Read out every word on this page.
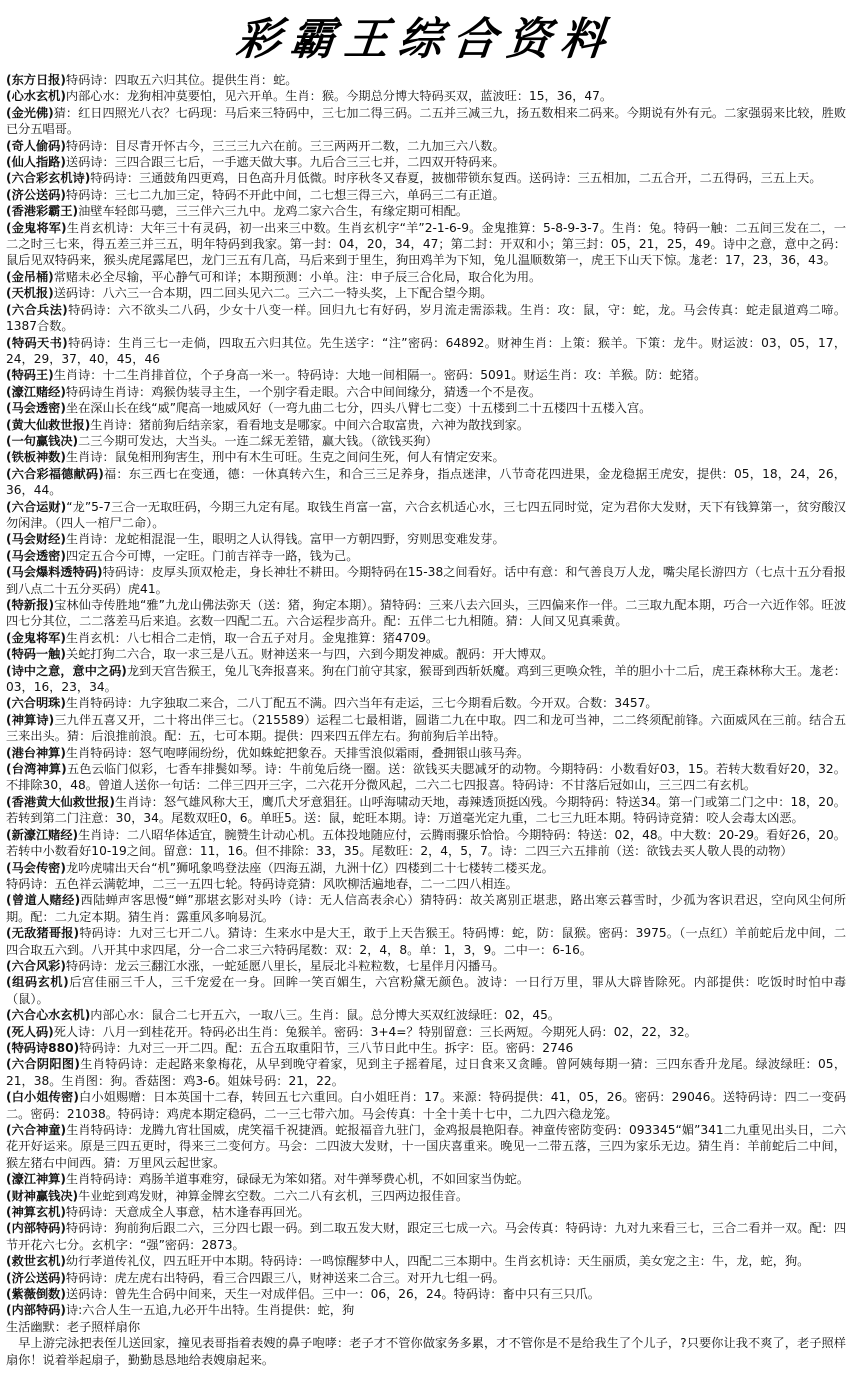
彩霸王综合资料
(东方日报)特码诗：四取五六归其位。提供生肖：蛇。
(心水玄机)内部心水：龙狗相冲莫要怕，见六开单。生肖：猴。今期总分博大特码买双，蓝波旺：15，36，47。
(金光佛)猜：红日四照光八衣？七码现：马后来三特码中，三七加二得三码。二五并三减三九，扬五数相来二码来。今期说有外有元。二家强弱来比较，胜败已分五唱哥。
(奇人偷码)特码诗：目尽青开怀古今，三三三九六在前。三三两两开二数，二九加三六八数。
(仙人指路)送码诗：三四合跟三七后，一手遮天做大事。九后合三三七并，二四双开特码来。
(六合彩玄机诗)特码诗：三通鼓角四更鸡，日色高升月低微。时序秋冬又春夏，披枷带锁东复西。送码诗：三五相加，二五合开，二五得码，三五上天。
(济公送码)特码诗：三七二九加三定，特码不开此中间，二七想三得三六，单码三二有正道。
(香港彩霸王)油壁车轻郎马骢，三三伴六三九中。龙鸡二家六合生，有缘定期可相配。
(金鬼将军)生肖玄机诗：大年三十有灵码，初一出来三中数。生肖玄机字“羊”2-1-6-9。金鬼推算：5-8-9-3-7。生肖：兔。特码一触：二五间三发在二，一二之时三七来，得五差三并三五，明年特码到我家。第一封：04，20，34，47；第二封：开双和小；第三封：05，21，25，49。诗中之意，意中之码：鼠后见双特码来，猴头虎尾露尾巴，龙门三五有几高，马后来到于里生，狗田鸡羊为下知，兔儿温顺数第一，虎王下山天下惊。尨老：17，23，36，43。
(金吊桶)常赌未必全尽输，平心静气可和详；本期预测：小单。注：申子辰三合化局，取合化为用。
(天机报)送码诗：八六三一合本期，四二回头见六二。三六二一特头奖，上下配合望今期。
(六合兵法)特码诗：六不欲头二八码，少女十八变一样。回归九七有好码，岁月流走需添栽。生肖：攻：鼠，守：蛇，龙。马会传真：蛇走鼠道鸡二啼。1387合数。
(特码天书)特码诗：生肖三七一走倘，四取五六归其位。先生送字：“注”密码：64892。财神生肖：上策：猴羊。下策：龙牛。财运波：03，05，17，24，29，37，40，45，46
(特码王)生肖诗：十二生肖排首位，个子身高一米一。特码诗：大地一间相隔一。密码：5091。财运生肖：攻：羊猴。防：蛇猪。
(濠江赌经)特码诗生肖诗：鸡猴伪装寻主生，一个别字看走眼。六合中间间缘分，猜透一个不是夜。
(马会透密)坐在深山长在线“威”爬高一地威风好（一弯九曲二七分，四头八臂七二变）十五楼到二十五楼四十五楼入宫。
(黄大仙救世报)生肖诗：猪前狗后结亲家，看看地支是哪家。中间六合取富贵，六神为散找到家。
(一句赢钱决)二三今期可发达，大当头。一连二綵无差错，赢大钱。（欲钱买狗）
(铁板神数)生肖诗：鼠兔相刑狗害生，刑中有木生可旺。生克之间问生死，何人有情定安来。
(六合彩福德献码)福：东三西七在变通，德：一休真转六生，和合三三足养身，指点迷津，八节奇花四进果，金龙稳据王虎安，提供：05，18，24，26，36，44。
(六合运财)“龙”5-7三合一无取旺码，今期三九定有尾。取钱生肖富一富，六合玄机适心水，三七四五同时觉，定为君你大发财，天下有钱算第一，贫穷酸汉勿闲津。（四人一棺尸二命）。
(马会财经)生肖诗：龙蛇相混混一生，眼明之人认得钱。富甲一方朝四野，穷则思变难发芽。
(马会透密)四定五合今可博，一定旺。门前吉祥寺一路，钱为己。
(马会爆料透特码)特码诗：皮厚头顶双枪走，身长神壮不耕田。今期特码在15-38之间看好。话中有意：和气善良万人龙，嘴尖尾长游四方（七点十五分看报到八点二十五分买码）虎41。
(特新报)宝林仙寺传胜地“雅”九龙山佛法弥天（送：猪，狗定本期）。猜特码：三来八去六回头，三四偏来作一伴。二三取九配本期，巧合一六近作邻。旺波四七分其位，二二落差马后来追。玄数一四配二五。六合运程步高升。配：五伴二七九相随。猜：人间又见真乘黄。
(金鬼将军)生肖玄机：八七相合二走悄，取一合五子对月。金鬼推算：猪4709。
(特码一触)关蛇打狗二六合，取一求三是八五。财神送来一与四，六到今期发神威。靓码：开大博双。
(诗中之意，意中之码)龙到天宫告猴王，兔儿飞奔报喜来。狗在门前守其家，猴哥到西斩妖魔。鸡到三更唤众牲，羊的胆小十二后，虎王森林称大王。尨老：03，16，23，34。
(六合明珠)生肖特码诗：九字独取二来合，二八丁配五不满。四六当年有走运，三七今期看后数。今开双。合数：3457。
(神算诗)三九伴五喜又开，二十将出伴三七。（215589）运程二七最相谐，圆谐二九在中取。四二和龙可当神，二二终须配前锋。六面威风在三前。结合五三来出头。猜：后浪推前浪。配：五，七可本期。提供：四来四五伴左右。狗前狗后羊出特。
(港台神算)生肖特码诗：怒气咆哮闹纷纷，优如蛛蛇把象吞。天排雪浪似霜雨，叠拥银山骇马奔。
(台湾神算)五色云临门似彩，七香车排鬓如琴。诗：牛前兔后绕一圈。送：欲钱买夫腮减牙的动物。今期特码：小数看好03，15。若转大数看好20，32。不排除30，48。曾道人送你一句话：二伴三四开三字，二六花开分微风起，二六二七四报喜。特码诗：不甘落后冠如山，三三四二有玄机。
(香港黄大仙救世报)生肖诗：怒气雄风称大王，鹰爪犬牙意猖狂。山呼海啸动天地，毒辣透顶挺凶残。今期特码：特送34。第一门或第二门之中：18，20。若转到第二门注意：30，34。尾数双旺0，6。单旺5。送：鼠，蛇旺本期。诗：万道毫光定九重，二七三九旺本期。特码诗竞猜：咬人会毒太凶恶。
(新濠江赌经)生肖诗：二八昭华体适宜，腕赞生计动心机。五体投地随应付，云腾雨骤乐恰恰。今期特码：特送：02，48。中大数：20-29。看好26，20。若转中小数看好10-19之间。留意：11，16。但不排除：33，35。尾数旺：2，4，5，7。诗：二四三六五排前（送：欲钱去买人敬人畏的动物）
(马会传密)龙吟虎啸出天台“机”狮吼象鸣登法座（四海五湖，九洲十亿）四楼到二十七楼转二楼买龙。
特码诗：五色祥云满乾坤，二三一五四七轮。特码诗竞猜：风吹柳活遍地春，二一二四八相连。
(曾道人赌经)西陆蝉声客思慢“蝉”那堪玄影对头吟（诗：无人信高表余心）猜特码：故关离别正堪悲，路出寒云暮雪时，少孤为客识君迟，空向风尘何所期。配：二九定本期。猜生肖：露重风多响易沉。
(无敌猪哥报)特码诗：九对三七开二八。猜诗：生来水中是大王，敢于上天告猴王。特码博：蛇，防：鼠猴。密码：3975。（一点红）羊前蛇后龙中间，二四合取五六到。八开其中求四尾，分一合二求三六特码尾数：双：2，4，8。单：1，3，9。二中一：6-16。
(六合风彩)特码诗：龙云三翻江水涨，一蛇延愿八里长，星辰北斗粒粒数，七星伴月闪播马。
(组码玄机)后宫佳丽三千人，三千宠爱在一身。回眸一笑百媚生，六宫粉黛无颜色。波诗：一日行万里，罪从大辟皆除死。内部提供：吃饭时时怕中毒（鼠）。
(六合心水玄机)内部心水：鼠合二七开五六，一取八三。生肖：鼠。总分博大买双红波绿旺：02，45。
(死人码)死人诗：八月一到桂花开。特码必出生肖：兔猴羊。密码：3+4=？特别留意：三长两短。今期死人码：02，22，32。
(特码诗880)特码诗：九对三一开二四。配：五合五取重阳节，三八节日此中生。拆字：臣。密码：2746
(六合阴阳图)生肖特码诗：走起路来象梅花，从早到晚守着家，见到主子摇着尾，过日食来又贪睡。曾阿姨每期一猜：三四东香升龙尾。绿波绿旺：05，21，38。生肖图：狗。香菇图：鸡3-6。姐妹号码：21，22。
(白小姐传密)白小姐赐赠：日本英国十二春，转回五七六重回。白小姐旺肖：17。来源：特码提供：41，05，26。密码：29046。送特码诗：四二一变码二。密码：21038。特码诗：鸡虎本期定稳码，二一三七带六加。马会传真：十全十美十七中，二九四六稳龙笼。
(六合神童)生肖特码诗：龙腾九宵壮国威，虎笑福千祝捷酒。蛇报福音九驻门，金鸡报晨艳阳春。神童传密防变码：093345“媚”341二九重见出头日，二六花开好运来。原是三四五更时，得来三二变何方。马会：二四波大发财，十一国庆喜重来。晚见一二带五落，三四为家乐无边。猜生肖：羊前蛇后二中间，猴左猪右中间西。猜：万里风云起世家。
(濠江神算)生肖特码诗：鸡肠羊道事难穷，碌碌无为笨如猪。对牛弹琴费心机，不如回家当伪蛇。
(财神赢钱决)牛业蛇到鸡发财，神算金牌玄空数。二六二八有玄机，三四两边报佳音。
(神算玄机)特码诗：天意成全人事意，枯木逢春再回光。
(内部特码)特码诗：狗前狗后跟二六，三分四七跟一码。到二取五发大财，跟定三七成一六。马会传真：特码诗：九对九来看三七，三合二看并一双。配：四节开花六七分。玄机字：“强”密码：2873。
(救世玄机)幼行孝道传礼仪，四五旺开中本期。特码诗：一鸣惊醒梦中人，四配二三本期中。生肖玄机诗：天生丽质，美女宠之主：牛，龙，蛇，狗。
(济公送码)特码诗：虎左虎右出特码，看三合四跟三八，财神送来二合三。对开九七组一码。
(紫薇倒数)送码诗：曾先生合码中间来，天生一对成伴侣。三中一：06，26，24。特码诗：畜中只有三只爪。
(内部特码)诗:六合人生一五追,九必开牛出特。生肖提供：蛇，狗
生活幽默：老子照样扇你
　早上游完泳把表侄儿送回家，撞见表哥指着表嫂的鼻子咆哮：老子才不管你做家务多累，才不管你是不是给我生了个儿子，?只要你让我不爽了，老子照样扇你！说着举起扇子，勤勤恳恳地给表嫂扇起来。
